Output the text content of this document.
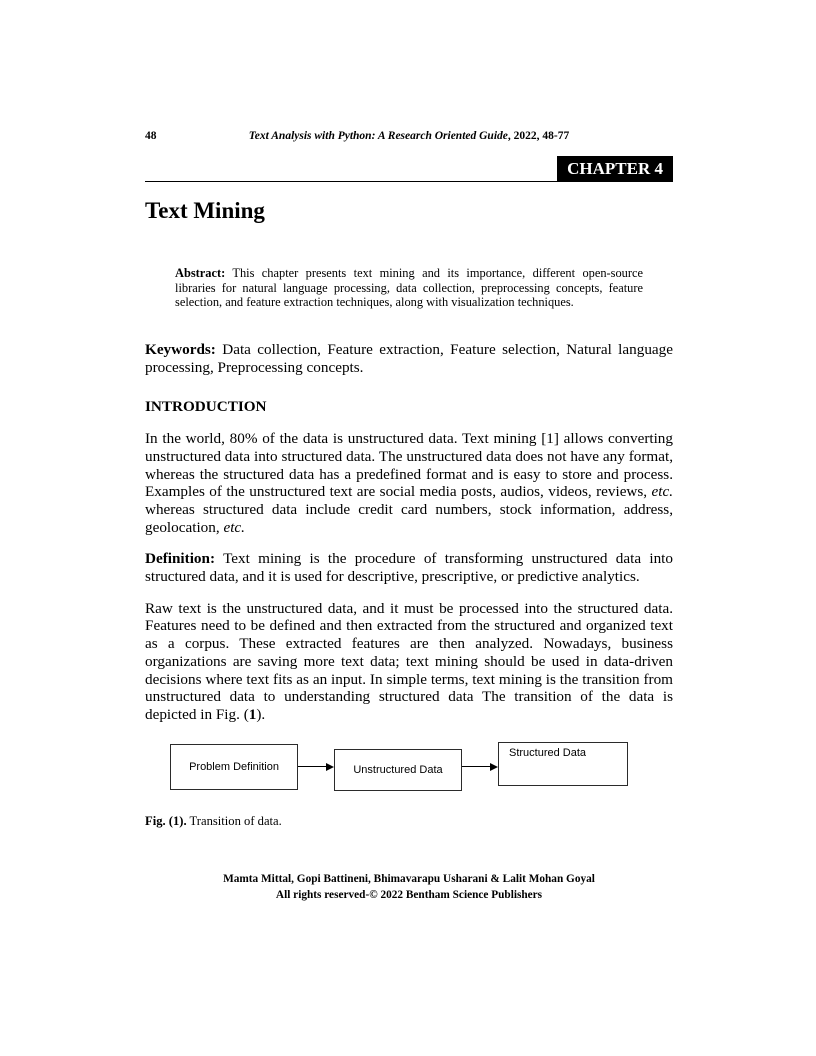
48	Text Analysis with Python: A Research Oriented Guide, 2022, 48-77
CHAPTER 4
Text Mining
Abstract: This chapter presents text mining and its importance, different open-source libraries for natural language processing, data collection, preprocessing concepts, feature selection, and feature extraction techniques, along with visualization techniques.
Keywords: Data collection, Feature extraction, Feature selection, Natural language processing, Preprocessing concepts.
INTRODUCTION
In the world, 80% of the data is unstructured data. Text mining [1] allows converting unstructured data into structured data. The unstructured data does not have any format, whereas the structured data has a predefined format and is easy to store and process. Examples of the unstructured text are social media posts, audios, videos, reviews, etc. whereas structured data include credit card numbers, stock information, address, geolocation, etc.
Definition: Text mining is the procedure of transforming unstructured data into structured data, and it is used for descriptive, prescriptive, or predictive analytics.
Raw text is the unstructured data, and it must be processed into the structured data. Features need to be defined and then extracted from the structured and organized text as a corpus. These extracted features are then analyzed. Nowadays, business organizations are saving more text data; text mining should be used in data-driven decisions where text fits as an input. In simple terms, text mining is the transition from unstructured data to understanding structured data The transition of the data is depicted in Fig. (1).
Problem Definition	Unstructured Data
Structured Data
Fig. (1). Transition of data.
Mamta Mittal, Gopi Battineni, Bhimavarapu Usharani & Lalit Mohan Goyal
All rights reserved-© 2022 Bentham Science Publishers
